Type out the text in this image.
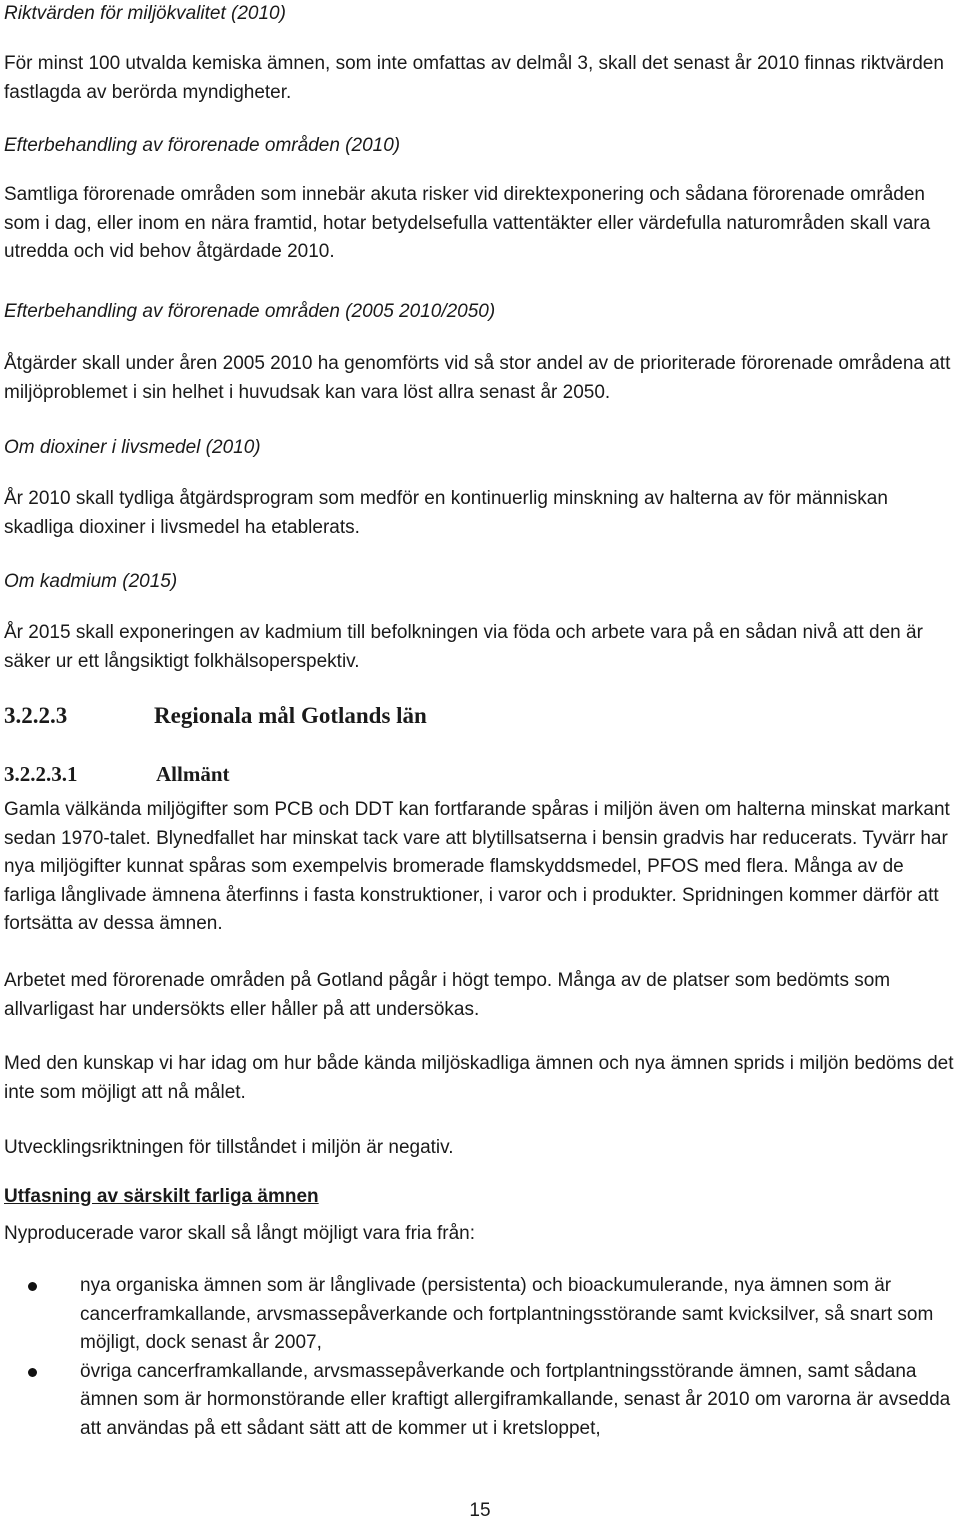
Riktvärden för miljökvalitet (2010)

För minst 100 utvalda kemiska ämnen, som inte omfattas av delmål 3, skall det senast år 2010 finnas riktvärden fastlagda av berörda myndigheter.

Efterbehandling av förorenade områden (2010)

Samtliga förorenade områden som innebär akuta risker vid direktexponering och sådana förorenade områden som i dag, eller inom en nära framtid, hotar betydelsefulla vattentäkter eller värdefulla naturområden skall vara utredda och vid behov åtgärdade 2010.

Efterbehandling av förorenade områden (2005 2010/2050)

Åtgärder skall under åren 2005 2010 ha genomförts vid så stor andel av de prioriterade förorenade områdena att miljöproblemet i sin helhet i huvudsak kan vara löst allra senast år 2050.

Om dioxiner i livsmedel (2010)

År 2010 skall tydliga åtgärdsprogram som medför en kontinuerlig minskning av halterna av för människan skadliga dioxiner i livsmedel ha etablerats.

Om kadmium (2015)

År 2015 skall exponeringen av kadmium till befolkningen via föda och arbete vara på en sådan nivå att den är säker ur ett långsiktigt folkhälsoperspektiv.

3.2.2.3	Regionala mål Gotlands län

3.2.2.3.1	Allmänt

Gamla välkända miljögifter som PCB och DDT kan fortfarande spåras i miljön även om halterna minskat markant sedan 1970-talet. Blynedfallet har minskat tack vare att blytillsatserna i bensin gradvis har reducerats. Tyvärr har nya miljögifter kunnat spåras som exempelvis bromerade flamskyddsmedel, PFOS med flera. Många av de farliga långlivade ämnena återfinns i fasta konstruktioner, i varor och i produkter. Spridningen kommer därför att fortsätta av dessa ämnen.

Arbetet med förorenade områden på Gotland pågår i högt tempo. Många av de platser som bedömts som allvarligast har undersökts eller håller på att undersökas.

Med den kunskap vi har idag om hur både kända miljöskadliga ämnen och nya ämnen sprids i miljön bedöms det inte som möjligt att nå målet.

Utvecklingsriktningen för tillståndet i miljön är negativ.

Utfasning av särskilt farliga ämnen

Nyproducerade varor skall så långt möjligt vara fria från:

nya organiska ämnen som är långlivade (persistenta) och bioackumulerande, nya ämnen som är cancerframkallande, arvsmassepåverkande och fortplantningsstörande samt kvicksilver, så snart som möjligt, dock senast år 2007,
övriga cancerframkallande, arvsmassepåverkande och fortplantningsstörande ämnen, samt sådana ämnen som är hormonstörande eller kraftigt allergiframkallande, senast år 2010 om varorna är avsedda att användas på ett sådant sätt att de kommer ut i kretsloppet,
15
